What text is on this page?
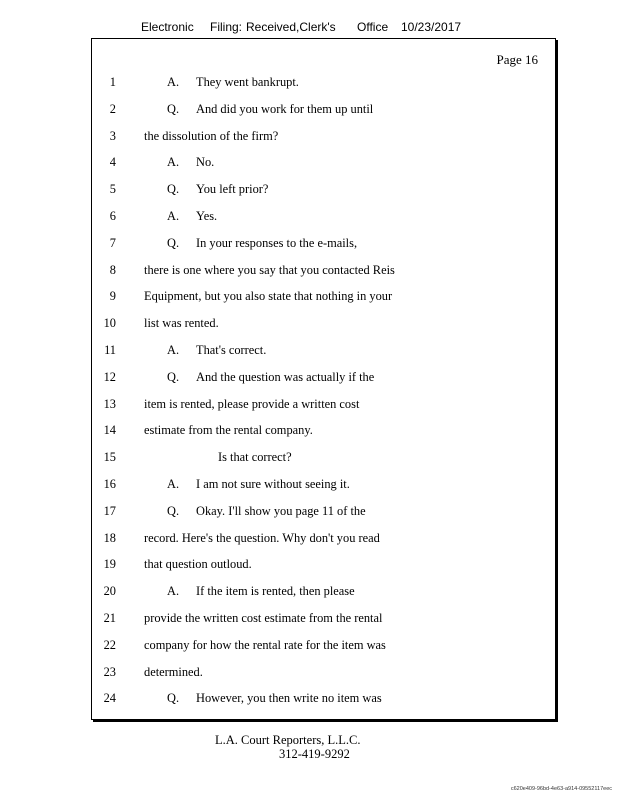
Electronic Filing: Received,Clerk's Office 10/23/2017
Page 16
1	A. They went bankrupt.
2	Q. And did you work for them up until
3 the dissolution of the firm?
4	A. No.
5	Q. You left prior?
6	A. Yes.
7	Q. In your responses to the e-mails,
8 there is one where you say that you contacted Reis
9 Equipment, but you also state that nothing in your
10 list was rented.
11	A. That's correct.
12	Q. And the question was actually if the
13 item is rented, please provide a written cost
14 estimate from the rental company.
15	Is that correct?
16	A. I am not sure without seeing it.
17	Q. Okay. I'll show you page 11 of the
18 record. Here's the question. Why don't you read
19 that question outloud.
20	A. If the item is rented, then please
21 provide the written cost estimate from the rental
22 company for how the rental rate for the item was
23 determined.
24	Q. However, you then write no item was
L.A. Court Reporters, L.L.C.
312-419-9292
c620e409-96bd-4e63-a914-09552117eec
